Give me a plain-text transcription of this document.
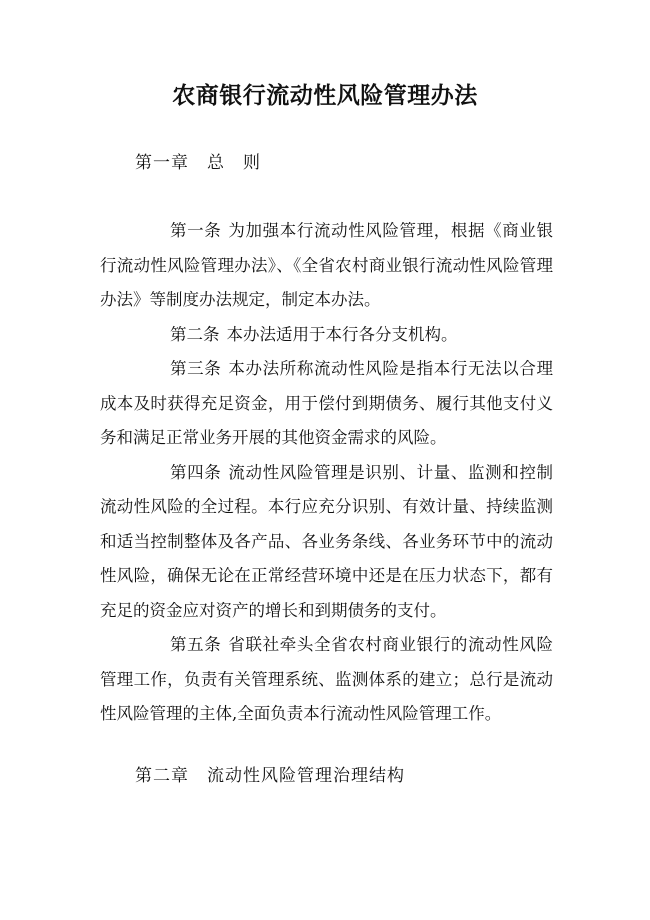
农商银行流动性风险管理办法
第一章　总　则

第一条 为加强本行流动性风险管理，根据《商业银行流动性风险管理办法》、《全省农村商业银行流动性风险管理办法》等制度办法规定，制定本办法。

第二条 本办法适用于本行各分支机构。

第三条 本办法所称流动性风险是指本行无法以合理成本及时获得充足资金，用于偿付到期债务、履行其他支付义务和满足正常业务开展的其他资金需求的风险。

第四条 流动性风险管理是识别、计量、监测和控制流动性风险的全过程。本行应充分识别、有效计量、持续监测和适当控制整体及各产品、各业务条线、各业务环节中的流动性风险，确保无论在正常经营环境中还是在压力状态下，都有充足的资金应对资产的增长和到期债务的支付。

第五条 省联社牵头全省农村商业银行的流动性风险管理工作，负责有关管理系统、监测体系的建立；总行是流动性风险管理的主体,全面负责本行流动性风险管理工作。

第二章　流动性风险管理治理结构
